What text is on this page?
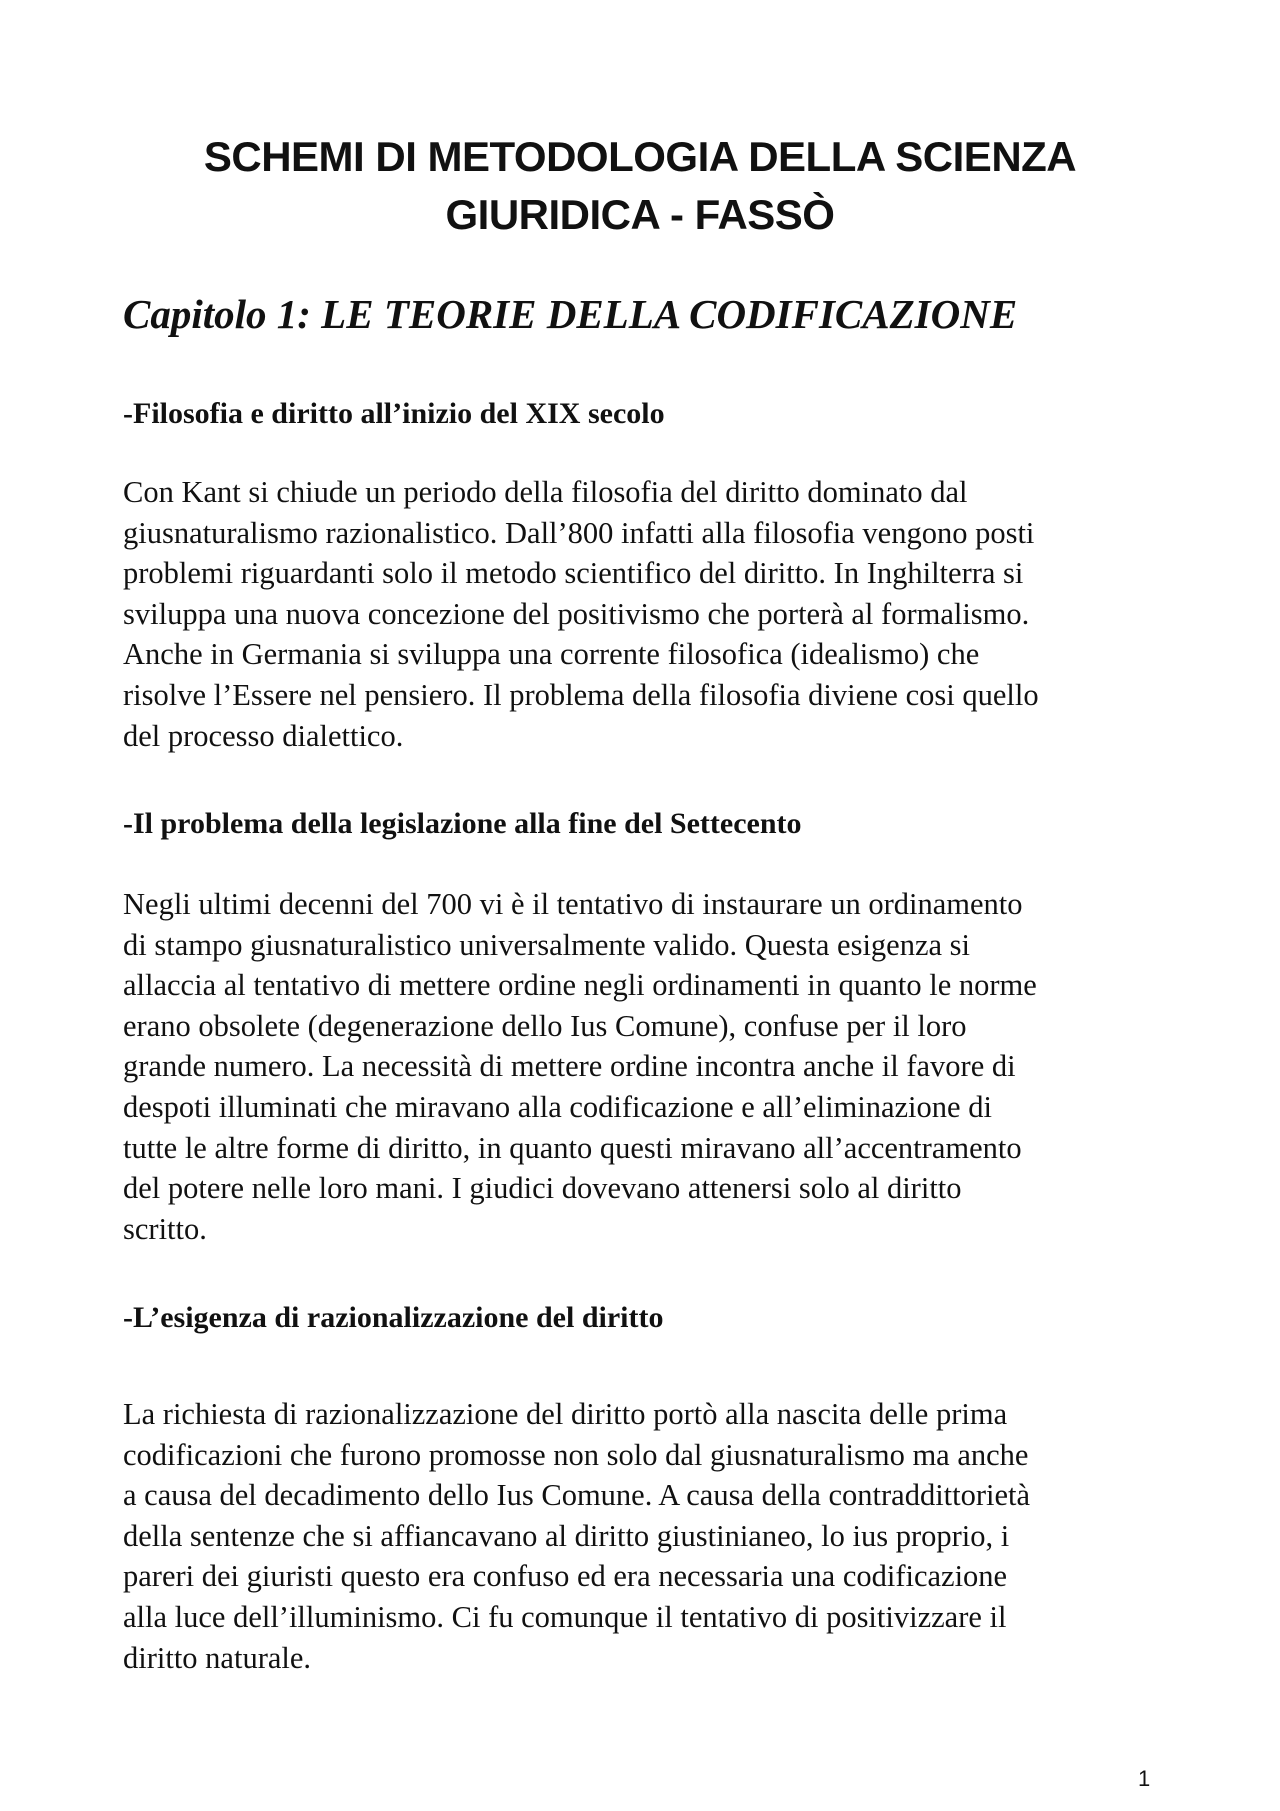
SCHEMI DI METODOLOGIA DELLA SCIENZA
GIURIDICA - FASSÒ
Capitolo 1: LE TEORIE DELLA CODIFICAZIONE
-Filosofia e diritto all’inizio del XIX secolo
Con Kant si chiude un periodo della filosofia del diritto dominato dal
giusnaturalismo razionalistico. Dall’800 infatti alla filosofia vengono posti
problemi riguardanti solo il metodo scientifico del diritto. In Inghilterra si
sviluppa una nuova concezione del positivismo che porterà al formalismo.
Anche in Germania si sviluppa una corrente filosofica (idealismo) che
risolve l’Essere nel pensiero. Il problema della filosofia diviene cosi quello
del processo dialettico.
-Il problema della legislazione alla fine del Settecento
Negli ultimi decenni del 700 vi è il tentativo di instaurare un ordinamento
di stampo giusnaturalistico universalmente valido. Questa esigenza si
allaccia al tentativo di mettere ordine negli ordinamenti in quanto le norme
erano obsolete (degenerazione dello Ius Comune), confuse per il loro
grande numero. La necessità di mettere ordine incontra anche il favore di
despoti illuminati che miravano alla codificazione e all’eliminazione di
tutte le altre forme di diritto, in quanto questi miravano all’accentramento
del potere nelle loro mani. I giudici dovevano attenersi solo al diritto
scritto.
-L’esigenza di razionalizzazione del diritto
La richiesta di razionalizzazione del diritto portò alla nascita delle prima
codificazioni che furono promosse non solo dal giusnaturalismo ma anche
a causa del decadimento dello Ius Comune. A causa della contraddittorietà
della sentenze che si affiancavano al diritto giustinianeo, lo ius proprio, i
pareri dei giuristi questo era confuso ed era necessaria una codificazione
alla luce dell’illuminismo. Ci fu comunque il tentativo di positivizzare il
diritto naturale.

1
